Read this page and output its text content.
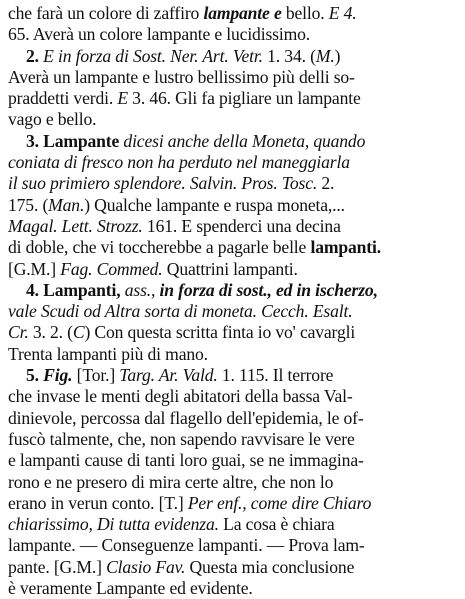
che farà un colore di zaffiro lampante e bello. E 4.
65. Averà un colore lampante e lucidissimo.
2. E in forza di Sost. Ner. Art. Vetr. 1. 34. (M.)
Averà un lampante e lustro bellissimo più delli so-
praddetti verdi. E 3. 46. Gli fa pigliare un lampante
vago e bello.
3. Lampante dicesi anche della Moneta, quando
coniata di fresco non ha perduto nel maneggiarla
il suo primiero splendore. Salvin. Pros. Tosc. 2.
175. (Man.) Qualche lampante e ruspa moneta,...
Magal. Lett. Strozz. 161. E spenderci una decina
di doble, che vi toccherebbe a pagarle belle lampanti.
[G.M.] Fag. Commed. Quattrini lampanti.
4. Lampanti, ass., in forza di sost., ed in ischerzo,
vale Scudi od Altra sorta di moneta. Cecch. Esalt.
Cr. 3. 2. (C) Con questa scritta finta io vo' cavargli
Trenta lampanti più di mano.
5. Fig. [Tor.] Targ. Ar. Vald. 1. 115. Il terrore
che invase le menti degli abitatori della bassa Val-
dinievole, percossa dal flagello dell'epidemia, le of-
fuscò talmente, che, non sapendo ravvisare le vere
e lampanti cause di tanti loro guai, se ne immagina-
rono e ne presero di mira certe altre, che non lo
erano in verun conto. [T.] Per enf., come dire Chiaro
chiarissimo, Di tutta evidenza. La cosa è chiara
lampante. — Conseguenze lampanti. — Prova lam-
pante. [G.M.] Clasio Fav. Questa mia conclusione
è veramente Lampante ed evidente.
